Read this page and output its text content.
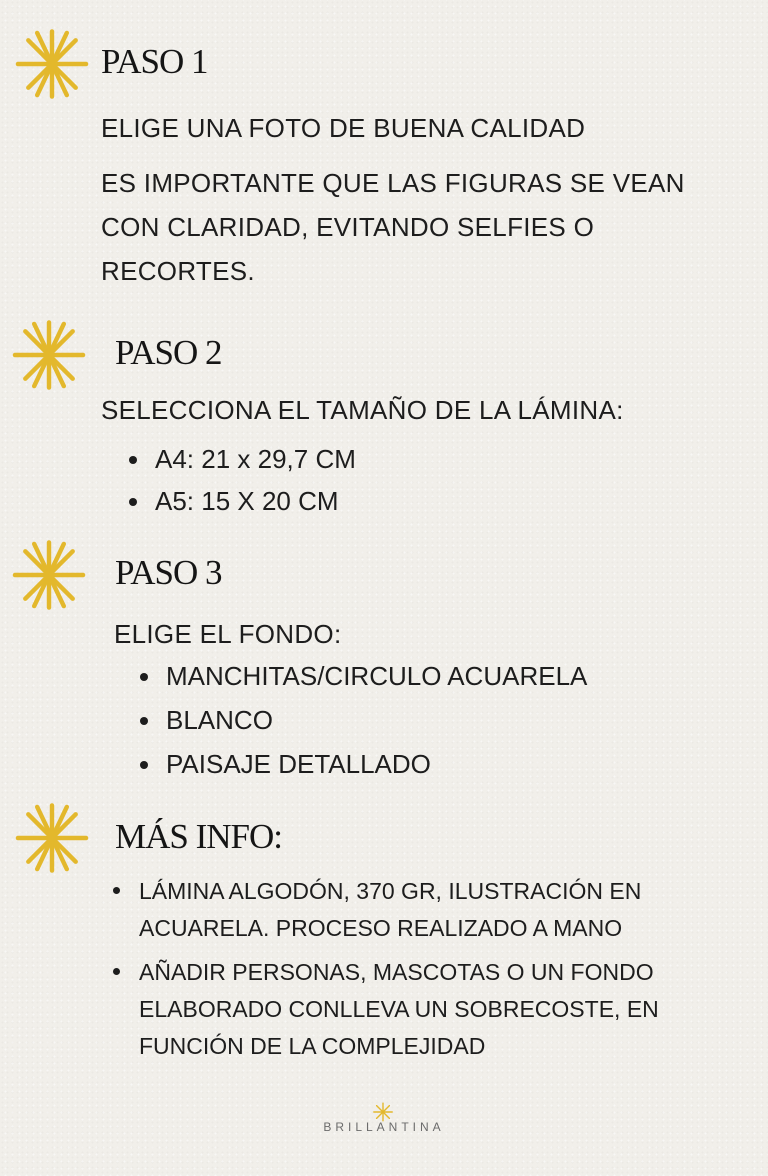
PASO 1

ELIGE UNA FOTO DE BUENA CALIDAD

ES IMPORTANTE QUE LAS FIGURAS SE VEAN CON CLARIDAD, EVITANDO SELFIES O RECORTES.

PASO 2

SELECCIONA EL TAMAÑO DE LA LÁMINA:

A4: 21 x 29,7 CM
A5: 15 X 20 CM
PASO 3

ELIGE EL FONDO:

MANCHITAS/CIRCULO ACUARELA
BLANCO
PAISAJE DETALLADO
MÁS INFO:
LÁMINA ALGODÓN, 370 GR, ILUSTRACIÓN EN ACUARELA. PROCESO REALIZADO A MANO
AÑADIR PERSONAS, MASCOTAS O UN FONDO ELABORADO CONLLEVA UN SOBRECOSTE, EN FUNCIÓN DE LA COMPLEJIDAD
BRILLANTINA
